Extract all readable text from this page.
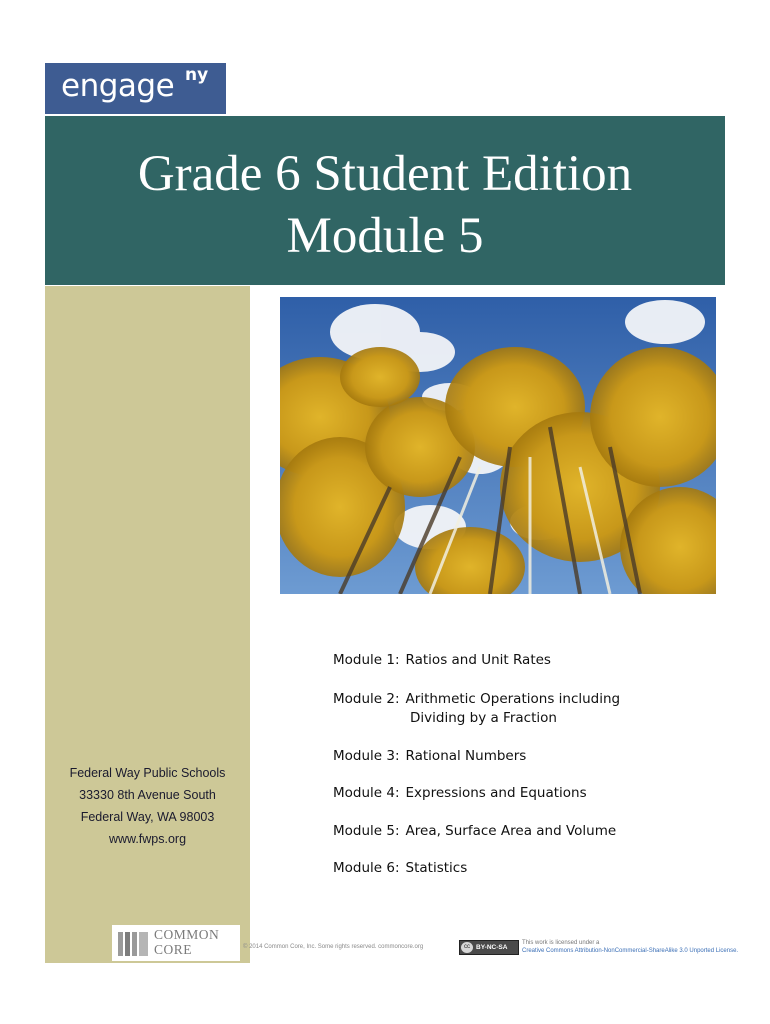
engage ny
Grade 6 Student Edition
Module 5
Federal Way Public Schools
33330 8th Avenue South
Federal Way, WA 98003
www.fwps.org
Module 1: Ratios and Unit Rates
Module 2: Arithmetic Operations including
Dividing by a Fraction
Module 3: Rational Numbers
Module 4: Expressions and Equations
Module 5: Area, Surface Area and Volume
Module 6: Statistics
COMMON
CORE	© 2014 Common Core, Inc. Some rights reserved. commoncore.org	cc BY-NC-SA
This work is licensed under a
Creative Commons Attribution-NonCommercial-ShareAlike 3.0 Unported License.
